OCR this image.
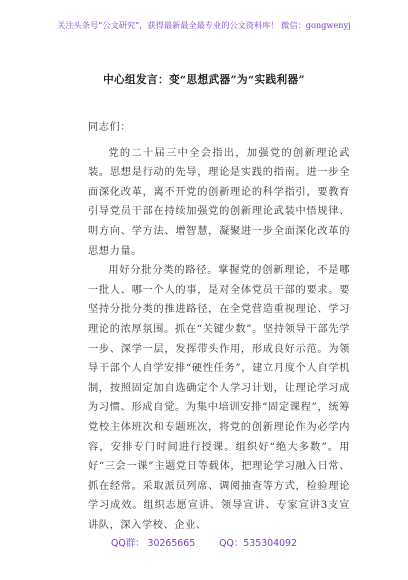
关注头条号“公文研究”，获得最新最全最专业的公文资料库！ 微信：gongwenyj
中心组发言：变“思想武器”为“实践利器”

同志们：

党的二十届三中全会指出，加强党的创新理论武装。思想是行动的先导，理论是实践的指南。进一步全面深化改革，离不开党的创新理论的科学指引，要教育引导党员干部在持续加强党的创新理论武装中悟规律、明方向、学方法、增智慧，凝聚进一步全面深化改革的思想力量。

用好分批分类的路径。掌握党的创新理论，不是哪一批人、哪一个人的事，是对全体党员干部的要求。要坚持分批分类的推进路径，在全党营造重视理论、学习理论的浓厚氛围。抓在“关键少数”。坚持领导干部先学一步、深学一层，发挥带头作用，形成良好示范。为领导干部个人自学安排“硬性任务”，建立月度个人自学机制，按照固定加自选确定个人学习计划，让理论学习成为习惯、形成自觉。为集中培训安排“固定课程”，统筹党校主体班次和专题班次，将党的创新理论作为必学内容，安排专门时间进行授课。组织好“绝大多数”。用好“三会一课”主题党日等载体，把理论学习融入日常、抓在经常。采取派员列席、调阅抽查等方式，检验理论学习成效。组织志愿宣讲、领导宣讲、专家宣讲3支宣讲队，深入学校、企业、

QQ群： 30265665	QQ：535304092
